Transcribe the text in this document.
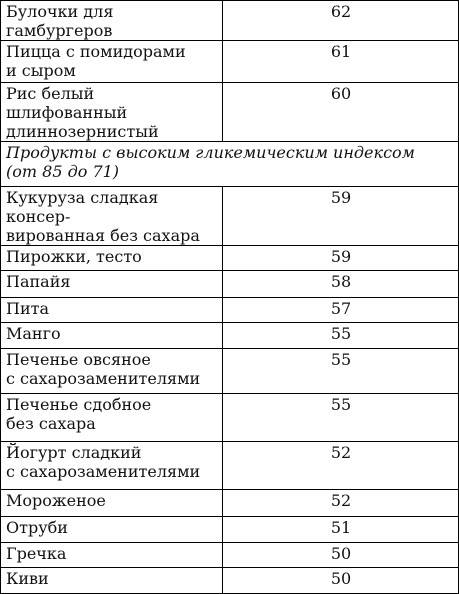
Булочки для гамбургеров	62

Пицца с помидорами
и сыром	61

Рис белый шлифованный
длиннозернистый	60

Продукты с высоким гликемическим индексом
(от 85 до 71)	

Кукуруза сладкая консер-
вированная без сахара	59

Пирожки, тесто	59

Папайя	58

Пита	57

Манго	55

Печенье овсяное
с сахарозаменителями	55

Печенье сдобное
без сахара	55

Йогурт сладкий
с сахарозаменителями	52

Мороженое	52

Отруби	51

Гречка	50

Киви	50
